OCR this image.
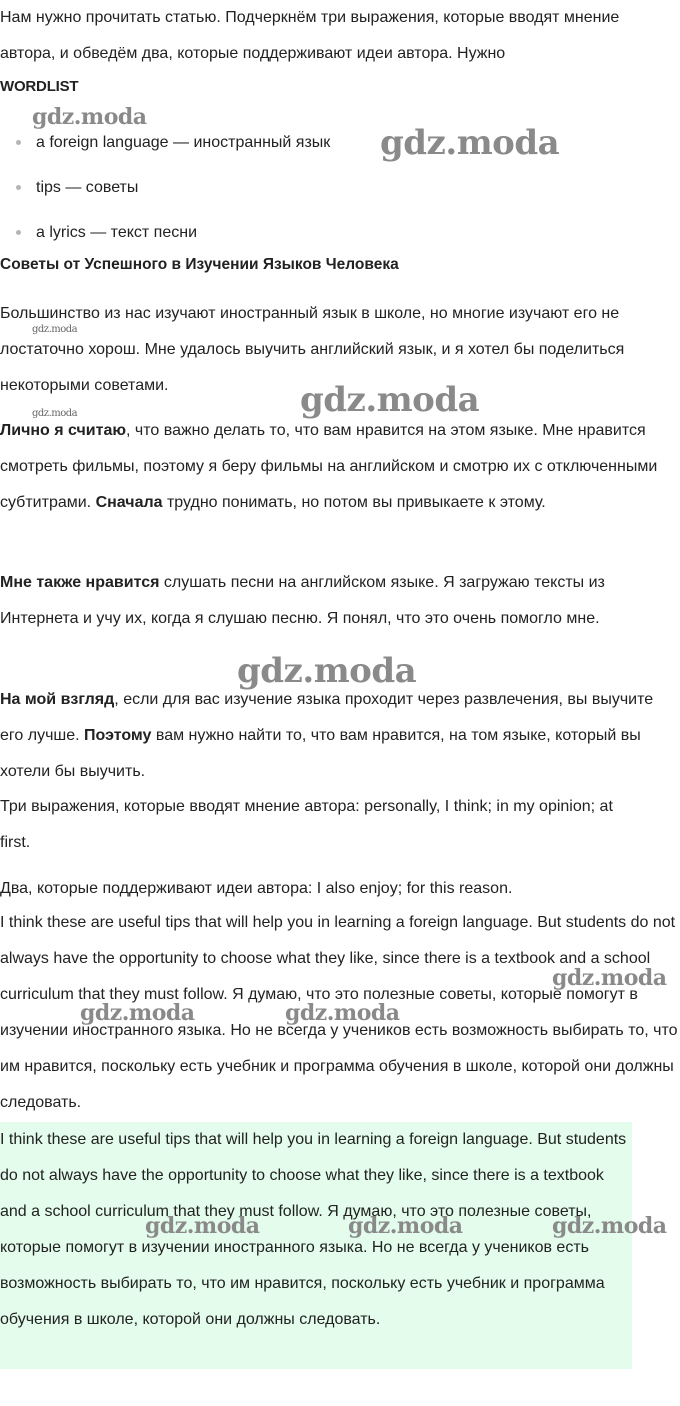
Нам нужно прочитать статью. Подчеркнём три выражения, которые вводят мнение автора, и обведём два, которые поддерживают идеи автора. Нужно

WORDLIST
a foreign language — иностранный язык
tips — советы
a lyrics — текст песни
Советы от Успешного в Изучении Языков Человека

Большинство из нас изучают иностранный язык в школе, но многие изучают его не лостаточно хорош. Мне удалось выучить английский язык, и я хотел бы поделиться некоторыми советами.

Лично я считаю, что важно делать то, что вам нравится на этом языке. Мне нравится смотреть фильмы, поэтому я беру фильмы на английском и смотрю их с отключенными субтитрами. Сначала трудно понимать, но потом вы привыкаете к этому.

Мне также нравится слушать песни на английском языке. Я загружаю тексты из Интернета и учу их, когда я слушаю песню. Я понял, что это очень помогло мне.

На мой взгляд, если для вас изучение языка проходит через развлечения, вы выучите его лучше. Поэтому вам нужно найти то, что вам нравится, на том языке, который вы хотели бы выучить.

Три выражения, которые вводят мнение автора: personally, I think; in my opinion; at first.

Два, которые поддерживают идеи автора: I also enjoy; for this reason.

I think these are useful tips that will help you in learning a foreign language. But students do not always have the opportunity to choose what they like, since there is a textbook and a school curriculum that they must follow. Я думаю, что это полезные советы, которые помогут в изучении иностранного языка. Но не всегда у учеников есть возможность выбирать то, что им нравится, поскольку есть учебник и программа обучения в школе, которой они должны следовать.

I think these are useful tips that will help you in learning a foreign language. But students do not always have the opportunity to choose what they like, since there is a textbook and a school curriculum that they must follow. Я думаю, что это полезные советы, которые помогут в изучении иностранного языка. Но не всегда у учеников есть возможность выбирать то, что им нравится, поскольку есть учебник и программа обучения в школе, которой они должны следовать.

gdz.moda
gdz.moda
gdz.moda
gdz.moda
gdz.moda
gdz.moda
gdz.moda
gdz.moda	gdz.moda
gdz.moda	gdz.moda	gdz.moda
